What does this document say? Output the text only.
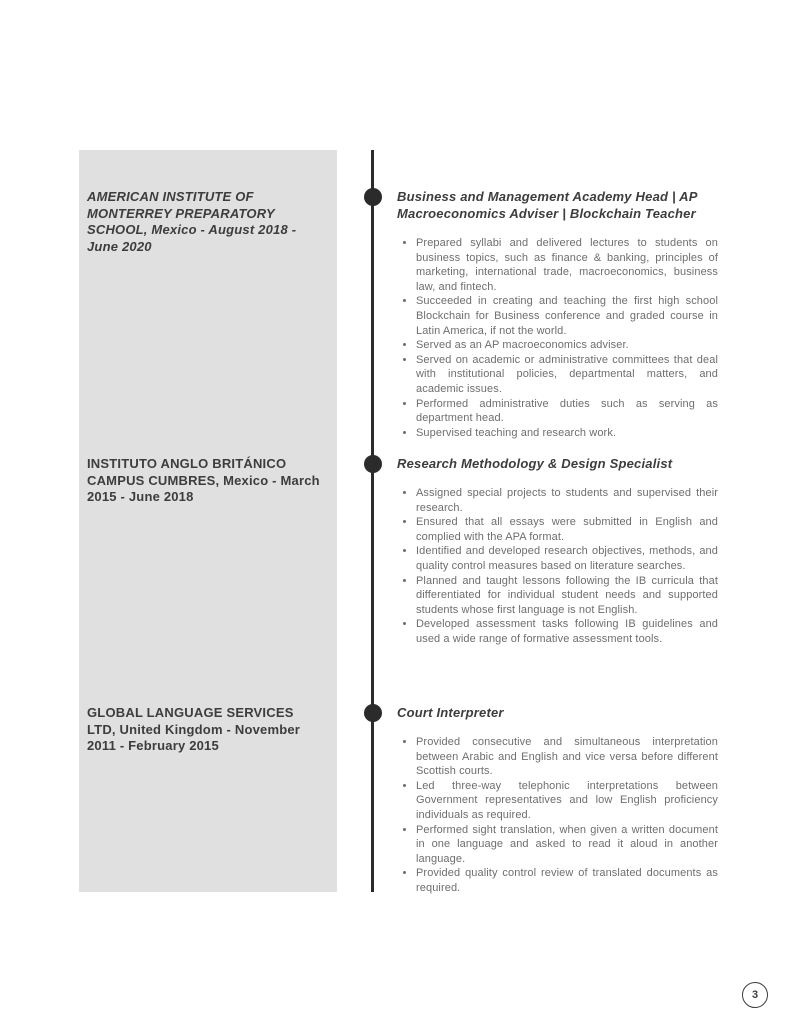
AMERICAN INSTITUTE OF MONTERREY PREPARATORY SCHOOL, Mexico - August 2018 - June 2020
Business and Management Academy Head | AP Macroeconomics Adviser | Blockchain Teacher
• Prepared syllabi and delivered lectures to students on business topics, such as finance & banking, principles of marketing, international trade, macroeconomics, business law, and fintech.
• Succeeded in creating and teaching the first high school Blockchain for Business conference and graded course in Latin America, if not the world.
• Served as an AP macroeconomics adviser.
• Served on academic or administrative committees that deal with institutional policies, departmental matters, and academic issues.
• Performed administrative duties such as serving as department head.
• Supervised teaching and research work.
INSTITUTO ANGLO BRITÁNICO CAMPUS CUMBRES, Mexico - March 2015 - June 2018
Research Methodology & Design Specialist
• Assigned special projects to students and supervised their research.
• Ensured that all essays were submitted in English and complied with the APA format.
• Identified and developed research objectives, methods, and quality control measures based on literature searches.
• Planned and taught lessons following the IB curricula that differentiated for individual student needs and supported students whose first language is not English.
• Developed assessment tasks following IB guidelines and used a wide range of formative assessment tools.
GLOBAL LANGUAGE SERVICES LTD, United Kingdom - November 2011 - February 2015
Court Interpreter
• Provided consecutive and simultaneous interpretation between Arabic and English and vice versa before different Scottish courts.
• Led three-way telephonic interpretations between Government representatives and low English proficiency individuals as required.
• Performed sight translation, when given a written document in one language and asked to read it aloud in another language.
• Provided quality control review of translated documents as required.
3
